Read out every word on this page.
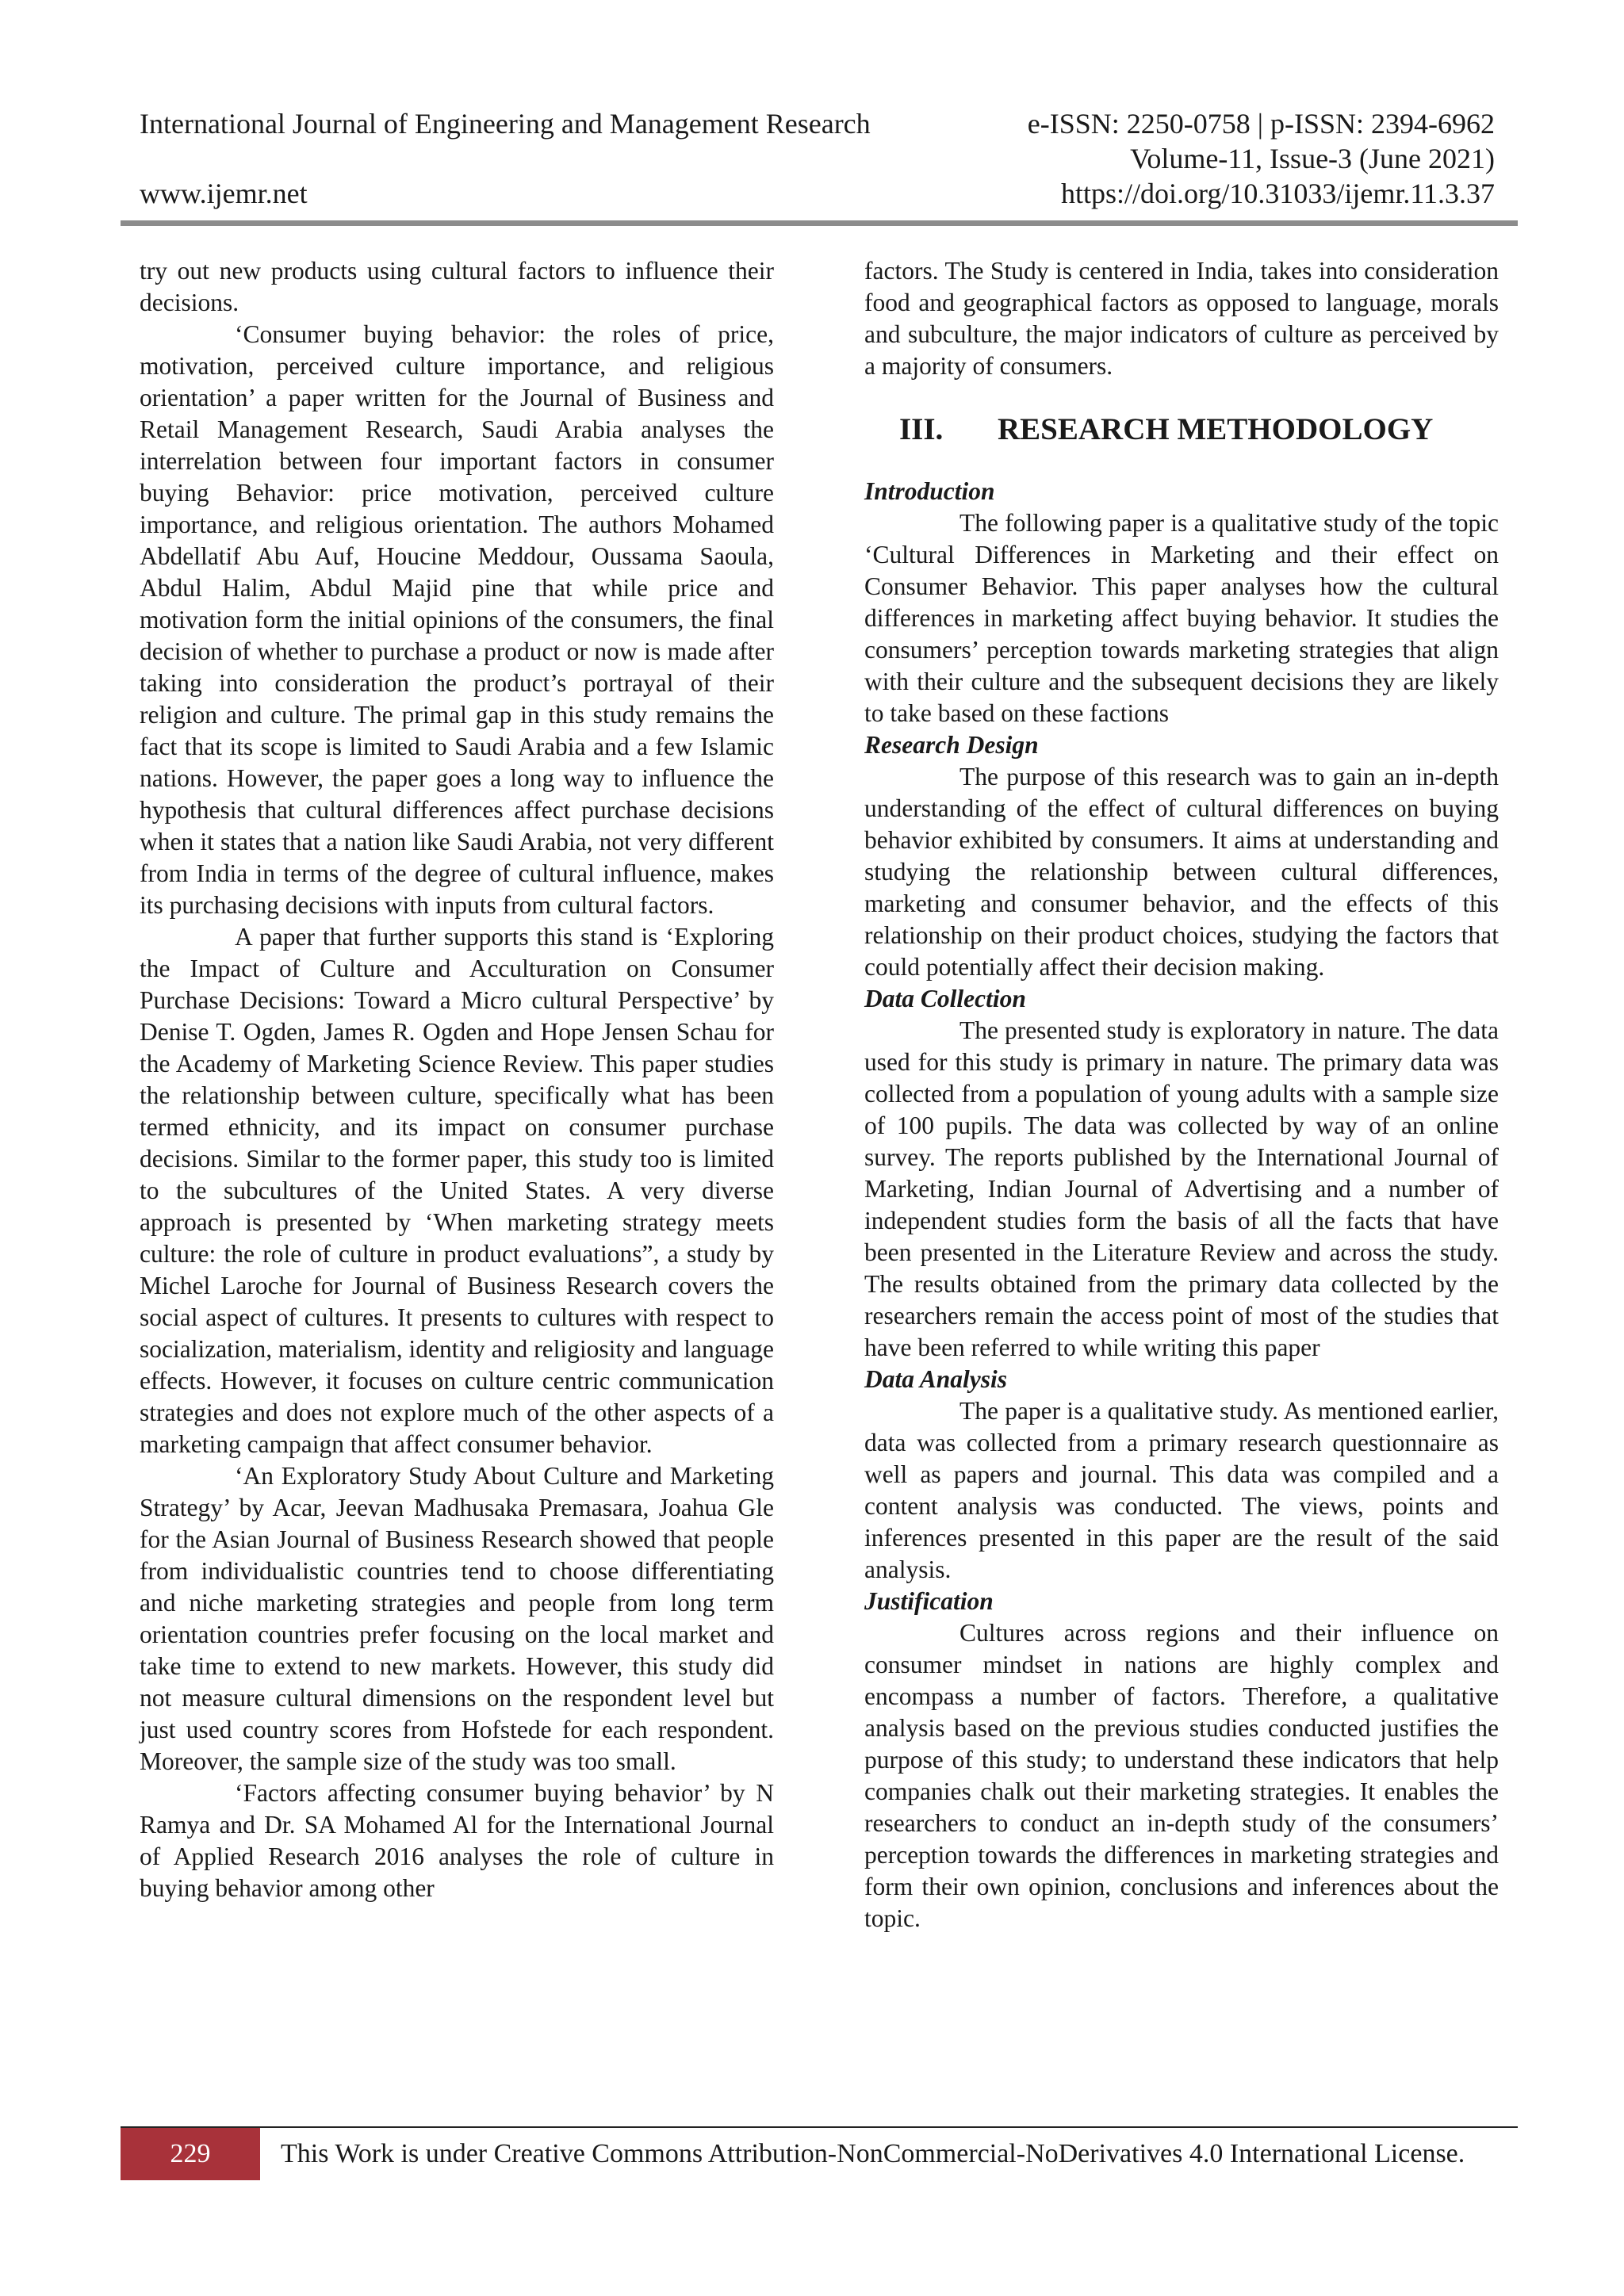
International Journal of Engineering and Management Research	e-ISSN: 2250-0758 | p-ISSN: 2394-6962
Volume-11, Issue-3 (June 2021)
www.ijemr.net	https://doi.org/10.31033/ijemr.11.3.37

try out new products using cultural factors to influence their decisions.

‘Consumer buying behavior: the roles of price, motivation, perceived culture importance, and religious orientation’ a paper written for the Journal of Business and Retail Management Research, Saudi Arabia analyses the interrelation between four important factors in consumer buying Behavior: price motivation, perceived culture importance, and religious orientation. The authors Mohamed Abdellatif Abu Auf, Houcine Meddour, Oussama Saoula, Abdul Halim, Abdul Majid pine that while price and motivation form the initial opinions of the consumers, the final decision of whether to purchase a product or now is made after taking into consideration the product’s portrayal of their religion and culture. The primal gap in this study remains the fact that its scope is limited to Saudi Arabia and a few Islamic nations. However, the paper goes a long way to influence the hypothesis that cultural differences affect purchase decisions when it states that a nation like Saudi Arabia, not very different from India in terms of the degree of cultural influence, makes its purchasing decisions with inputs from cultural factors.

A paper that further supports this stand is ‘Exploring the Impact of Culture and Acculturation on Consumer Purchase Decisions: Toward a Micro cultural Perspective’ by Denise T. Ogden, James R. Ogden and Hope Jensen Schau for the Academy of Marketing Science Review. This paper studies the relationship between culture, specifically what has been termed ethnicity, and its impact on consumer purchase decisions. Similar to the former paper, this study too is limited to the subcultures of the United States. A very diverse approach is presented by ‘When marketing strategy meets culture: the role of culture in product evaluations”, a study by Michel Laroche for Journal of Business Research covers the social aspect of cultures. It presents to cultures with respect to socialization, materialism, identity and religiosity and language effects. However, it focuses on culture centric communication strategies and does not explore much of the other aspects of a marketing campaign that affect consumer behavior.

‘An Exploratory Study About Culture and Marketing Strategy’ by Acar, Jeevan Madhusaka Premasara, Joahua Gle for the Asian Journal of Business Research showed that people from individualistic countries tend to choose differentiating and niche marketing strategies and people from long term orientation countries prefer focusing on the local market and take time to extend to new markets. However, this study did not measure cultural dimensions on the respondent level but just used country scores from Hofstede for each respondent. Moreover, the sample size of the study was too small.

‘Factors affecting consumer buying behavior’ by N Ramya and Dr. SA Mohamed Al for the International Journal of Applied Research 2016 analyses the role of culture in buying behavior among other

factors. The Study is centered in India, takes into consideration food and geographical factors as opposed to language, morals and subculture, the major indicators of culture as perceived by a majority of consumers.

III.	RESEARCH METHODOLOGY
Introduction

The following paper is a qualitative study of the topic ‘Cultural Differences in Marketing and their effect on Consumer Behavior. This paper analyses how the cultural differences in marketing affect buying behavior. It studies the consumers’ perception towards marketing strategies that align with their culture and the subsequent decisions they are likely to take based on these factions

Research Design

The purpose of this research was to gain an in-depth understanding of the effect of cultural differences on buying behavior exhibited by consumers. It aims at understanding and studying the relationship between cultural differences, marketing and consumer behavior, and the effects of this relationship on their product choices, studying the factors that could potentially affect their decision making.

Data Collection

The presented study is exploratory in nature. The data used for this study is primary in nature. The primary data was collected from a population of young adults with a sample size of 100 pupils. The data was collected by way of an online survey. The reports published by the International Journal of Marketing, Indian Journal of Advertising and a number of independent studies form the basis of all the facts that have been presented in the Literature Review and across the study. The results obtained from the primary data collected by the researchers remain the access point of most of the studies that have been referred to while writing this paper

Data Analysis

The paper is a qualitative study. As mentioned earlier, data was collected from a primary research questionnaire as well as papers and journal. This data was compiled and a content analysis was conducted. The views, points and inferences presented in this paper are the result of the said analysis.

Justification

Cultures across regions and their influence on consumer mindset in nations are highly complex and encompass a number of factors. Therefore, a qualitative analysis based on the previous studies conducted justifies the purpose of this study; to understand these indicators that help companies chalk out their marketing strategies. It enables the researchers to conduct an in-depth study of the consumers’ perception towards the differences in marketing strategies and form their own opinion, conclusions and inferences about the topic.

229	This Work is under Creative Commons Attribution-NonCommercial-NoDerivatives 4.0 International License.
